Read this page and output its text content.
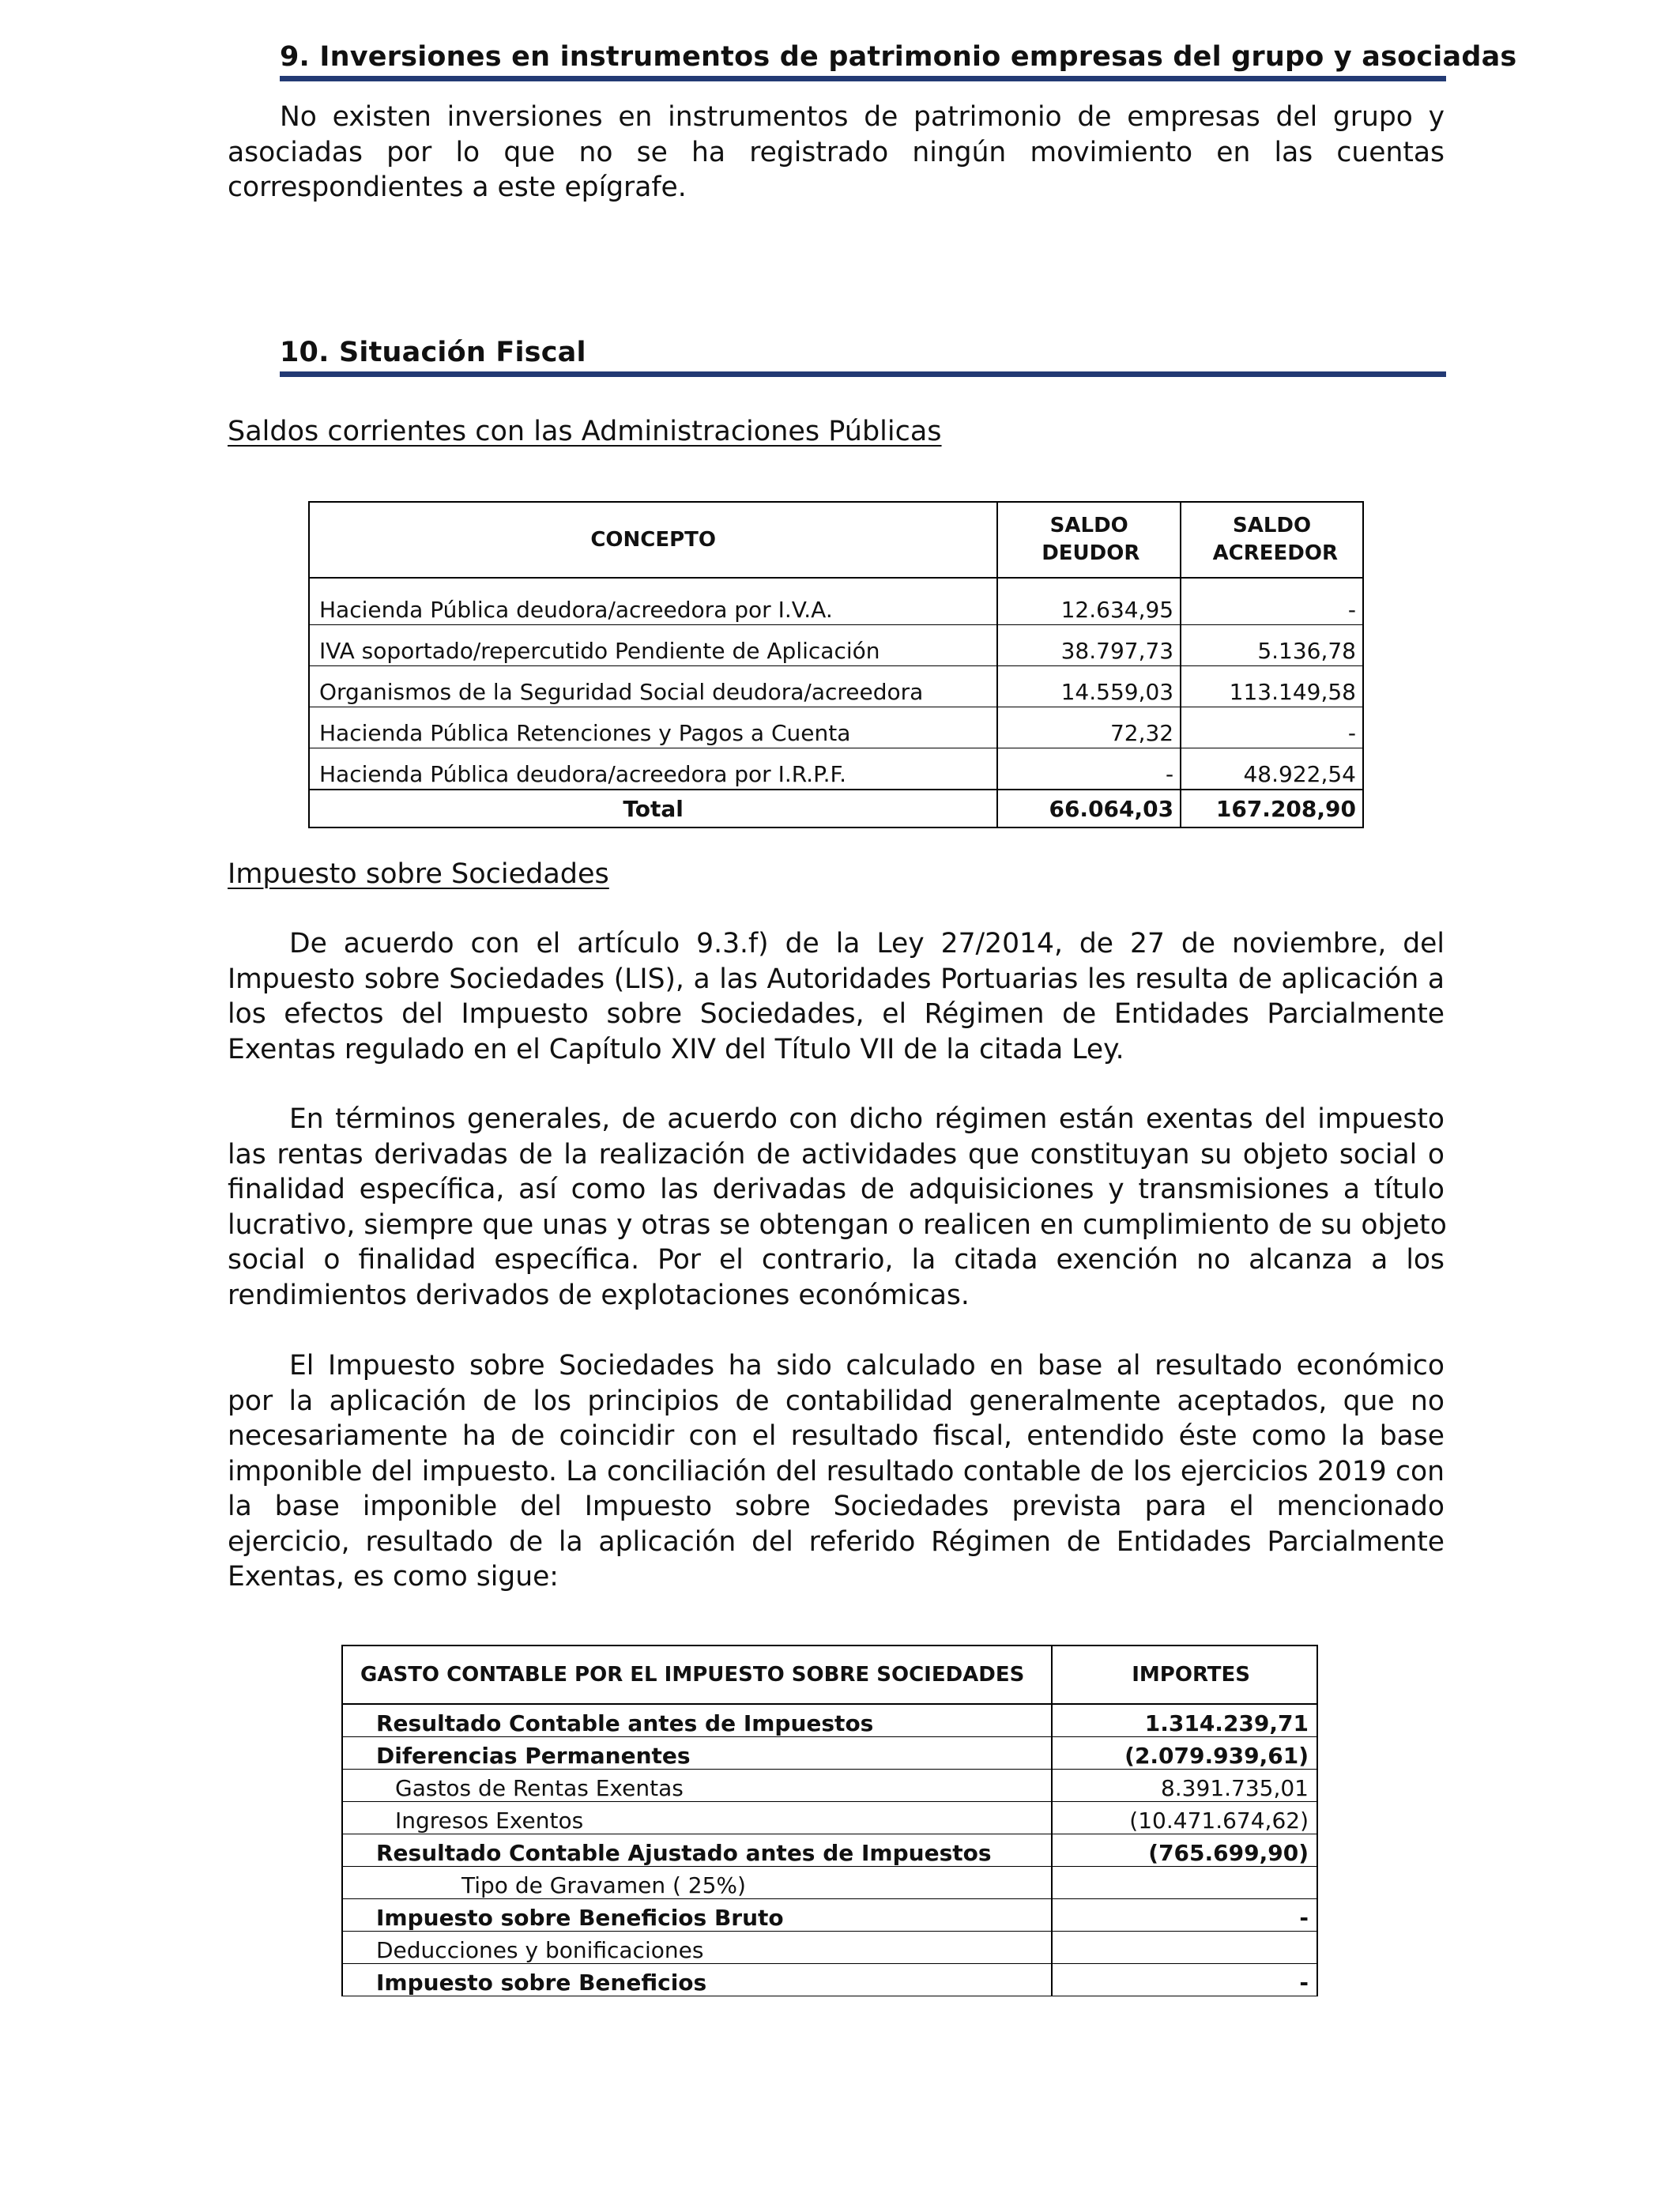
9. Inversiones en instrumentos de patrimonio empresas del grupo y asociadas
No existen inversiones en instrumentos de patrimonio de empresas del grupo y
asociadas por lo que no se ha registrado ningún movimiento en las cuentas
correspondientes a este epígrafe.
10. Situación Fiscal
Saldos corrientes con las Administraciones Públicas
CONCEPTO	SALDO DEUDOR	SALDO ACREEDOR

Hacienda Pública deudora/acreedora por I.V.A.	12.634,95	-
IVA soportado/repercutido Pendiente de Aplicación	38.797,73	5.136,78
Organismos de la Seguridad Social deudora/acreedora	14.559,03	113.149,58
Hacienda Pública Retenciones y Pagos a Cuenta	72,32	-
Hacienda Pública deudora/acreedora por I.R.P.F.	-	48.922,54
Total	66.064,03	167.208,90
Impuesto sobre Sociedades
De acuerdo con el artículo 9.3.f) de la Ley 27/2014, de 27 de noviembre, del
Impuesto sobre Sociedades (LIS), a las Autoridades Portuarias les resulta de aplicación a
los efectos del Impuesto sobre Sociedades, el Régimen de Entidades Parcialmente
Exentas regulado en el Capítulo XIV del Título VII de la citada Ley.
En términos generales, de acuerdo con dicho régimen están exentas del impuesto
las rentas derivadas de la realización de actividades que constituyan su objeto social o
finalidad específica, así como las derivadas de adquisiciones y transmisiones a título
lucrativo, siempre que unas y otras se obtengan o realicen en cumplimiento de su objeto
social o finalidad específica. Por el contrario, la citada exención no alcanza a los
rendimientos derivados de explotaciones económicas.
El Impuesto sobre Sociedades ha sido calculado en base al resultado económico
por la aplicación de los principios de contabilidad generalmente aceptados, que no
necesariamente ha de coincidir con el resultado fiscal, entendido éste como la base
imponible del impuesto. La conciliación del resultado contable de los ejercicios 2019 con
la base imponible del Impuesto sobre Sociedades prevista para el mencionado
ejercicio, resultado de la aplicación del referido Régimen de Entidades Parcialmente
Exentas, es como sigue:
GASTO CONTABLE POR EL IMPUESTO SOBRE SOCIEDADES	IMPORTES
Resultado Contable antes de Impuestos	1.314.239,71
Diferencias Permanentes	(2.079.939,61)
Gastos de Rentas Exentas	8.391.735,01
Ingresos Exentos	(10.471.674,62)
Resultado Contable Ajustado antes de Impuestos	(765.699,90)
Tipo de Gravamen ( 25%)	
Impuesto sobre Beneficios Bruto	-
Deducciones y bonificaciones	
Impuesto sobre Beneficios	-
